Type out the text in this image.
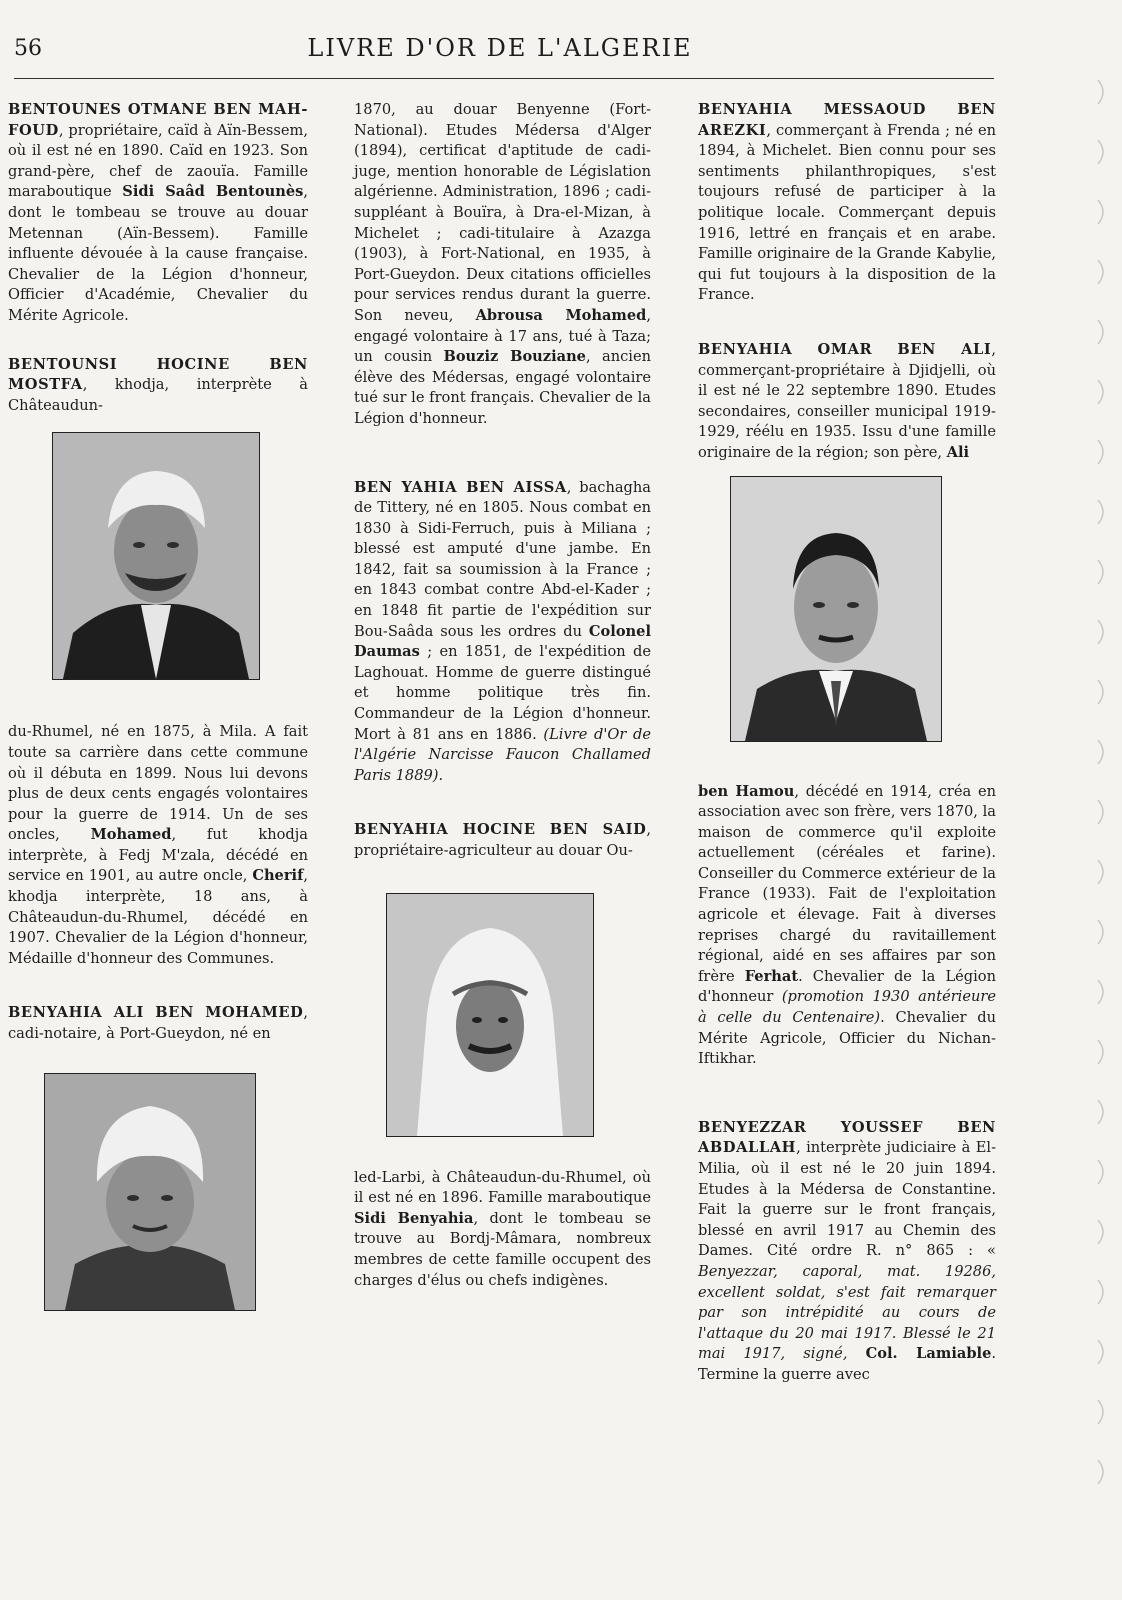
56	LIVRE D'OR DE L'ALGERIE

BENTOUNES OTMANE BEN MAH-FOUD, propriétaire, caïd à Aïn-Bessem, où il est né en 1890. Caïd en 1923. Son grand-père, chef de zaouïa. Famille maraboutique Sidi Saâd Bentounès, dont le tombeau se trouve au douar Metennan (Aïn-Bessem). Famille influente dévouée à la cause française. Chevalier de la Légion d'honneur, Officier d'Académie, Chevalier du Mérite Agricole.

BENTOUNSI HOCINE BEN MOSTFA, khodja, interprète à Châteaudun-

du-Rhumel, né en 1875, à Mila. A fait toute sa carrière dans cette commune où il débuta en 1899. Nous lui devons plus de deux cents engagés volontaires pour la guerre de 1914. Un de ses oncles, Mohamed, fut khodja interprète, à Fedj M'zala, décédé en service en 1901, au autre oncle, Cherif, khodja interprète, 18 ans, à Châteaudun-du-Rhumel, décédé en 1907. Chevalier de la Légion d'honneur, Médaille d'honneur des Communes.

BENYAHIA ALI BEN MOHAMED, cadi-notaire, à Port-Gueydon, né en

1870, au douar Benyenne (Fort-National). Etudes Médersa d'Alger (1894), certificat d'aptitude de cadi-juge, mention honorable de Législation algérienne. Administration, 1896 ; cadi-suppléant à Bouïra, à Dra-el-Mizan, à Michelet ; cadi-titulaire à Azazga (1903), à Fort-National, en 1935, à Port-Gueydon. Deux citations officielles pour services rendus durant la guerre. Son neveu, Abrousa Mohamed, engagé volontaire à 17 ans, tué à Taza; un cousin Bouziz Bouziane, ancien élève des Médersas, engagé volontaire tué sur le front français. Chevalier de la Légion d'honneur.

BEN YAHIA BEN AISSA, bachagha de Tittery, né en 1805. Nous combat en 1830 à Sidi-Ferruch, puis à Miliana ; blessé est amputé d'une jambe. En 1842, fait sa soumission à la France ; en 1843 combat contre Abd-el-Kader ; en 1848 fit partie de l'expédition sur Bou-Saâda sous les ordres du Colonel Daumas ; en 1851, de l'expédition de Laghouat. Homme de guerre distingué et homme politique très fin. Commandeur de la Légion d'honneur. Mort à 81 ans en 1886. (Livre d'Or de l'Algérie Narcisse Faucon Challamed Paris 1889).

BENYAHIA HOCINE BEN SAID, propriétaire-agriculteur au douar Ou-

led-Larbi, à Châteaudun-du-Rhumel, où il est né en 1896. Famille maraboutique Sidi Benyahia, dont le tombeau se trouve au Bordj-Mâmara, nombreux membres de cette famille occupent des charges d'élus ou chefs indigènes.

BENYAHIA MESSAOUD BEN AREZKI, commerçant à Frenda ; né en 1894, à Michelet. Bien connu pour ses sentiments philanthropiques, s'est toujours refusé de participer à la politique locale. Commerçant depuis 1916, lettré en français et en arabe. Famille originaire de la Grande Kabylie, qui fut toujours à la disposition de la France.

BENYAHIA OMAR BEN ALI, commerçant-propriétaire à Djidjelli, où il est né le 22 septembre 1890. Etudes secondaires, conseiller municipal 1919-1929, réélu en 1935. Issu d'une famille originaire de la région; son père, Ali

ben Hamou, décédé en 1914, créa en association avec son frère, vers 1870, la maison de commerce qu'il exploite actuellement (céréales et farine). Conseiller du Commerce extérieur de la France (1933). Fait de l'exploitation agricole et élevage. Fait à diverses reprises chargé du ravitaillement régional, aidé en ses affaires par son frère Ferhat. Chevalier de la Légion d'honneur (promotion 1930 antérieure à celle du Centenaire). Chevalier du Mérite Agricole, Officier du Nichan-Iftikhar.

BENYEZZAR YOUSSEF BEN ABDALLAH, interprète judiciaire à El-Milia, où il est né le 20 juin 1894. Etudes à la Médersa de Constantine. Fait la guerre sur le front français, blessé en avril 1917 au Chemin des Dames. Cité ordre R. n° 865 : « Benyezzar, caporal, mat. 19286, excellent soldat, s'est fait remarquer par son intrépidité au cours de l'attaque du 20 mai 1917. Blessé le 21 mai 1917, signé, Col. Lamiable. Termine la guerre avec
